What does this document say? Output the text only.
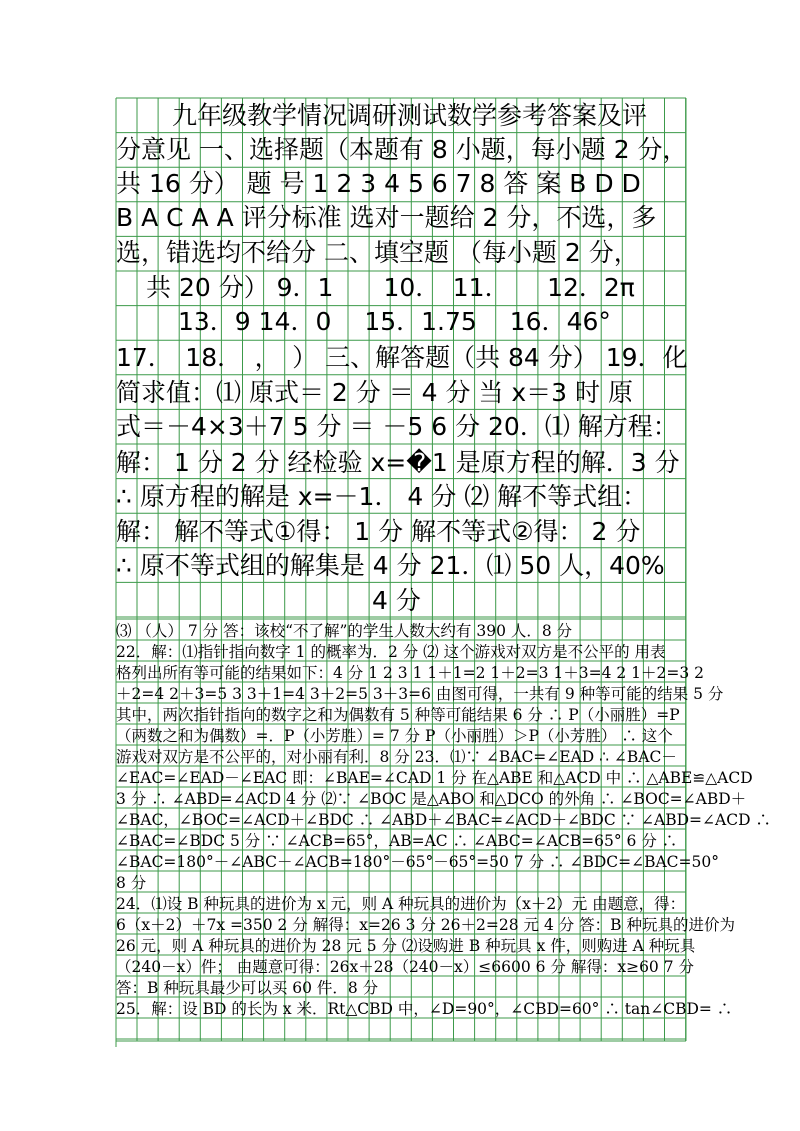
九年级教学情况调研测试数学参考答案及评
分意见 一、选择题（本题有 8 小题，每小题 2 分，
共 16 分） 题 号 1 2 3 4 5 6 7 8 答 案 B D D
B A C A A 评分标准 选对一题给 2 分，不选，多
选，错选均不给分 二、填空题 （每小题 2 分，
共 20 分） 9．1　　10．　11．　　12．2π
13．9 14．0　 15．1.75　 16．46°
17．　18．　，　） 三、解答题（共 84 分） 19．化
简求值：⑴ 原式＝ 2 分 ＝ 4 分 当 x＝3 时 原
式＝－4×3＋7 5 分 ＝ －5 6 分 20．⑴ 解方程：
解： 1 分 2 分 经检验 x=�1 是原方程的解．3 分
∴ 原方程的解是 x=－1． 4 分 ⑵ 解不等式组：
解： 解不等式①得： 1 分 解不等式②得： 2 分
∴ 原不等式组的解集是 4 分 21．⑴ 50 人，40%
4 分
⑶ （人） 7 分 答：该校“不了解”的学生人数大约有 390 人．8 分
22．解：⑴指针指向数字 1 的概率为．2 分 ⑵ 这个游戏对双方是不公平的 用表
格列出所有等可能的结果如下：4 分 1 2 3 1 1＋1=2 1＋2=3 1＋3=4 2 1＋2=3 2
＋2=4 2＋3=5 3 3＋1=4 3＋2=5 3＋3=6 由图可得，一共有 9 种等可能的结果 5 分
其中，两次指针指向的数字之和为偶数有 5 种等可能结果 6 分 ∴ P（小丽胜）=P
（两数之和为偶数）=．P（小芳胜）= 7 分 P（小丽胜）＞P（小芳胜） ∴ 这个
游戏对双方是不公平的，对小丽有利．8 分 23．⑴∵ ∠BAC=∠EAD ∴ ∠BAC－
∠EAC=∠EAD－∠EAC 即：∠BAE=∠CAD 1 分 在△ABE 和△ACD 中 ∴ △ABE≌△ACD
3 分 ∴ ∠ABD=∠ACD 4 分 ⑵∵ ∠BOC 是△ABO 和△DCO 的外角 ∴ ∠BOC=∠ABD＋
∠BAC，∠BOC=∠ACD＋∠BDC ∴ ∠ABD＋∠BAC=∠ACD＋∠BDC ∵ ∠ABD=∠ACD ∴
∠BAC=∠BDC 5 分 ∵ ∠ACB=65°，AB=AC ∴ ∠ABC=∠ACB=65° 6 分 ∴
∠BAC=180°－∠ABC－∠ACB=180°－65°－65°=50 7 分 ∴ ∠BDC=∠BAC=50°
8 分
24．⑴设 B 种玩具的进价为 x 元，则 A 种玩具的进价为（x＋2）元 由题意，得：
6（x＋2）＋7x =350 2 分 解得：x=26 3 分 26＋2=28 元 4 分 答：B 种玩具的进价为
26 元，则 A 种玩具的进价为 28 元 5 分 ⑵设购进 B 种玩具 x 件，则购进 A 种玩具
（240－x）件； 由题意可得：26x＋28（240－x）≤6600 6 分 解得：x≥60 7 分
答：B 种玩具最少可以买 60 件．8 分
25．解：设 BD 的长为 x 米．Rt△CBD 中，∠D=90°，∠CBD=60° ∴ tan∠CBD= ∴
